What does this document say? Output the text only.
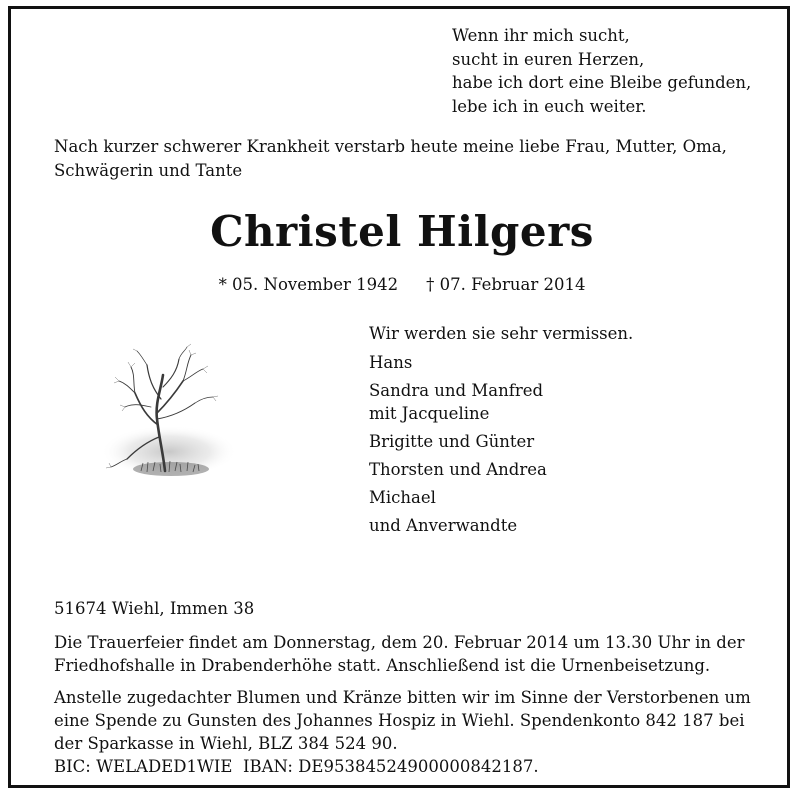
Wenn ihr mich sucht,
sucht in euren Herzen,
habe ich dort eine Bleibe gefunden,
lebe ich in euch weiter.
Nach kurzer schwerer Krankheit verstarb heute meine liebe Frau, Mutter, Oma,
Schwägerin und Tante
Christel Hilgers
* 05. November 1942 † 07. Februar 2014
Wir werden sie sehr vermissen.
Hans
Sandra und Manfred
mit Jacqueline
Brigitte und Günter
Thorsten und Andrea
Michael
und Anverwandte

51674 Wiehl, Immen 38

Die Trauerfeier findet am Donnerstag, dem 20. Februar 2014 um 13.30 Uhr in der
Friedhofshalle in Drabenderhöhe statt. Anschließend ist die Urnenbeisetzung.

Anstelle zugedachter Blumen und Kränze bitten wir im Sinne der Verstorbenen um
eine Spende zu Gunsten des Johannes Hospiz in Wiehl. Spendenkonto 842 187 bei
der Sparkasse in Wiehl, BLZ 384 524 90.
BIC: WELADED1WIE  IBAN: DE95384524900000842187.
